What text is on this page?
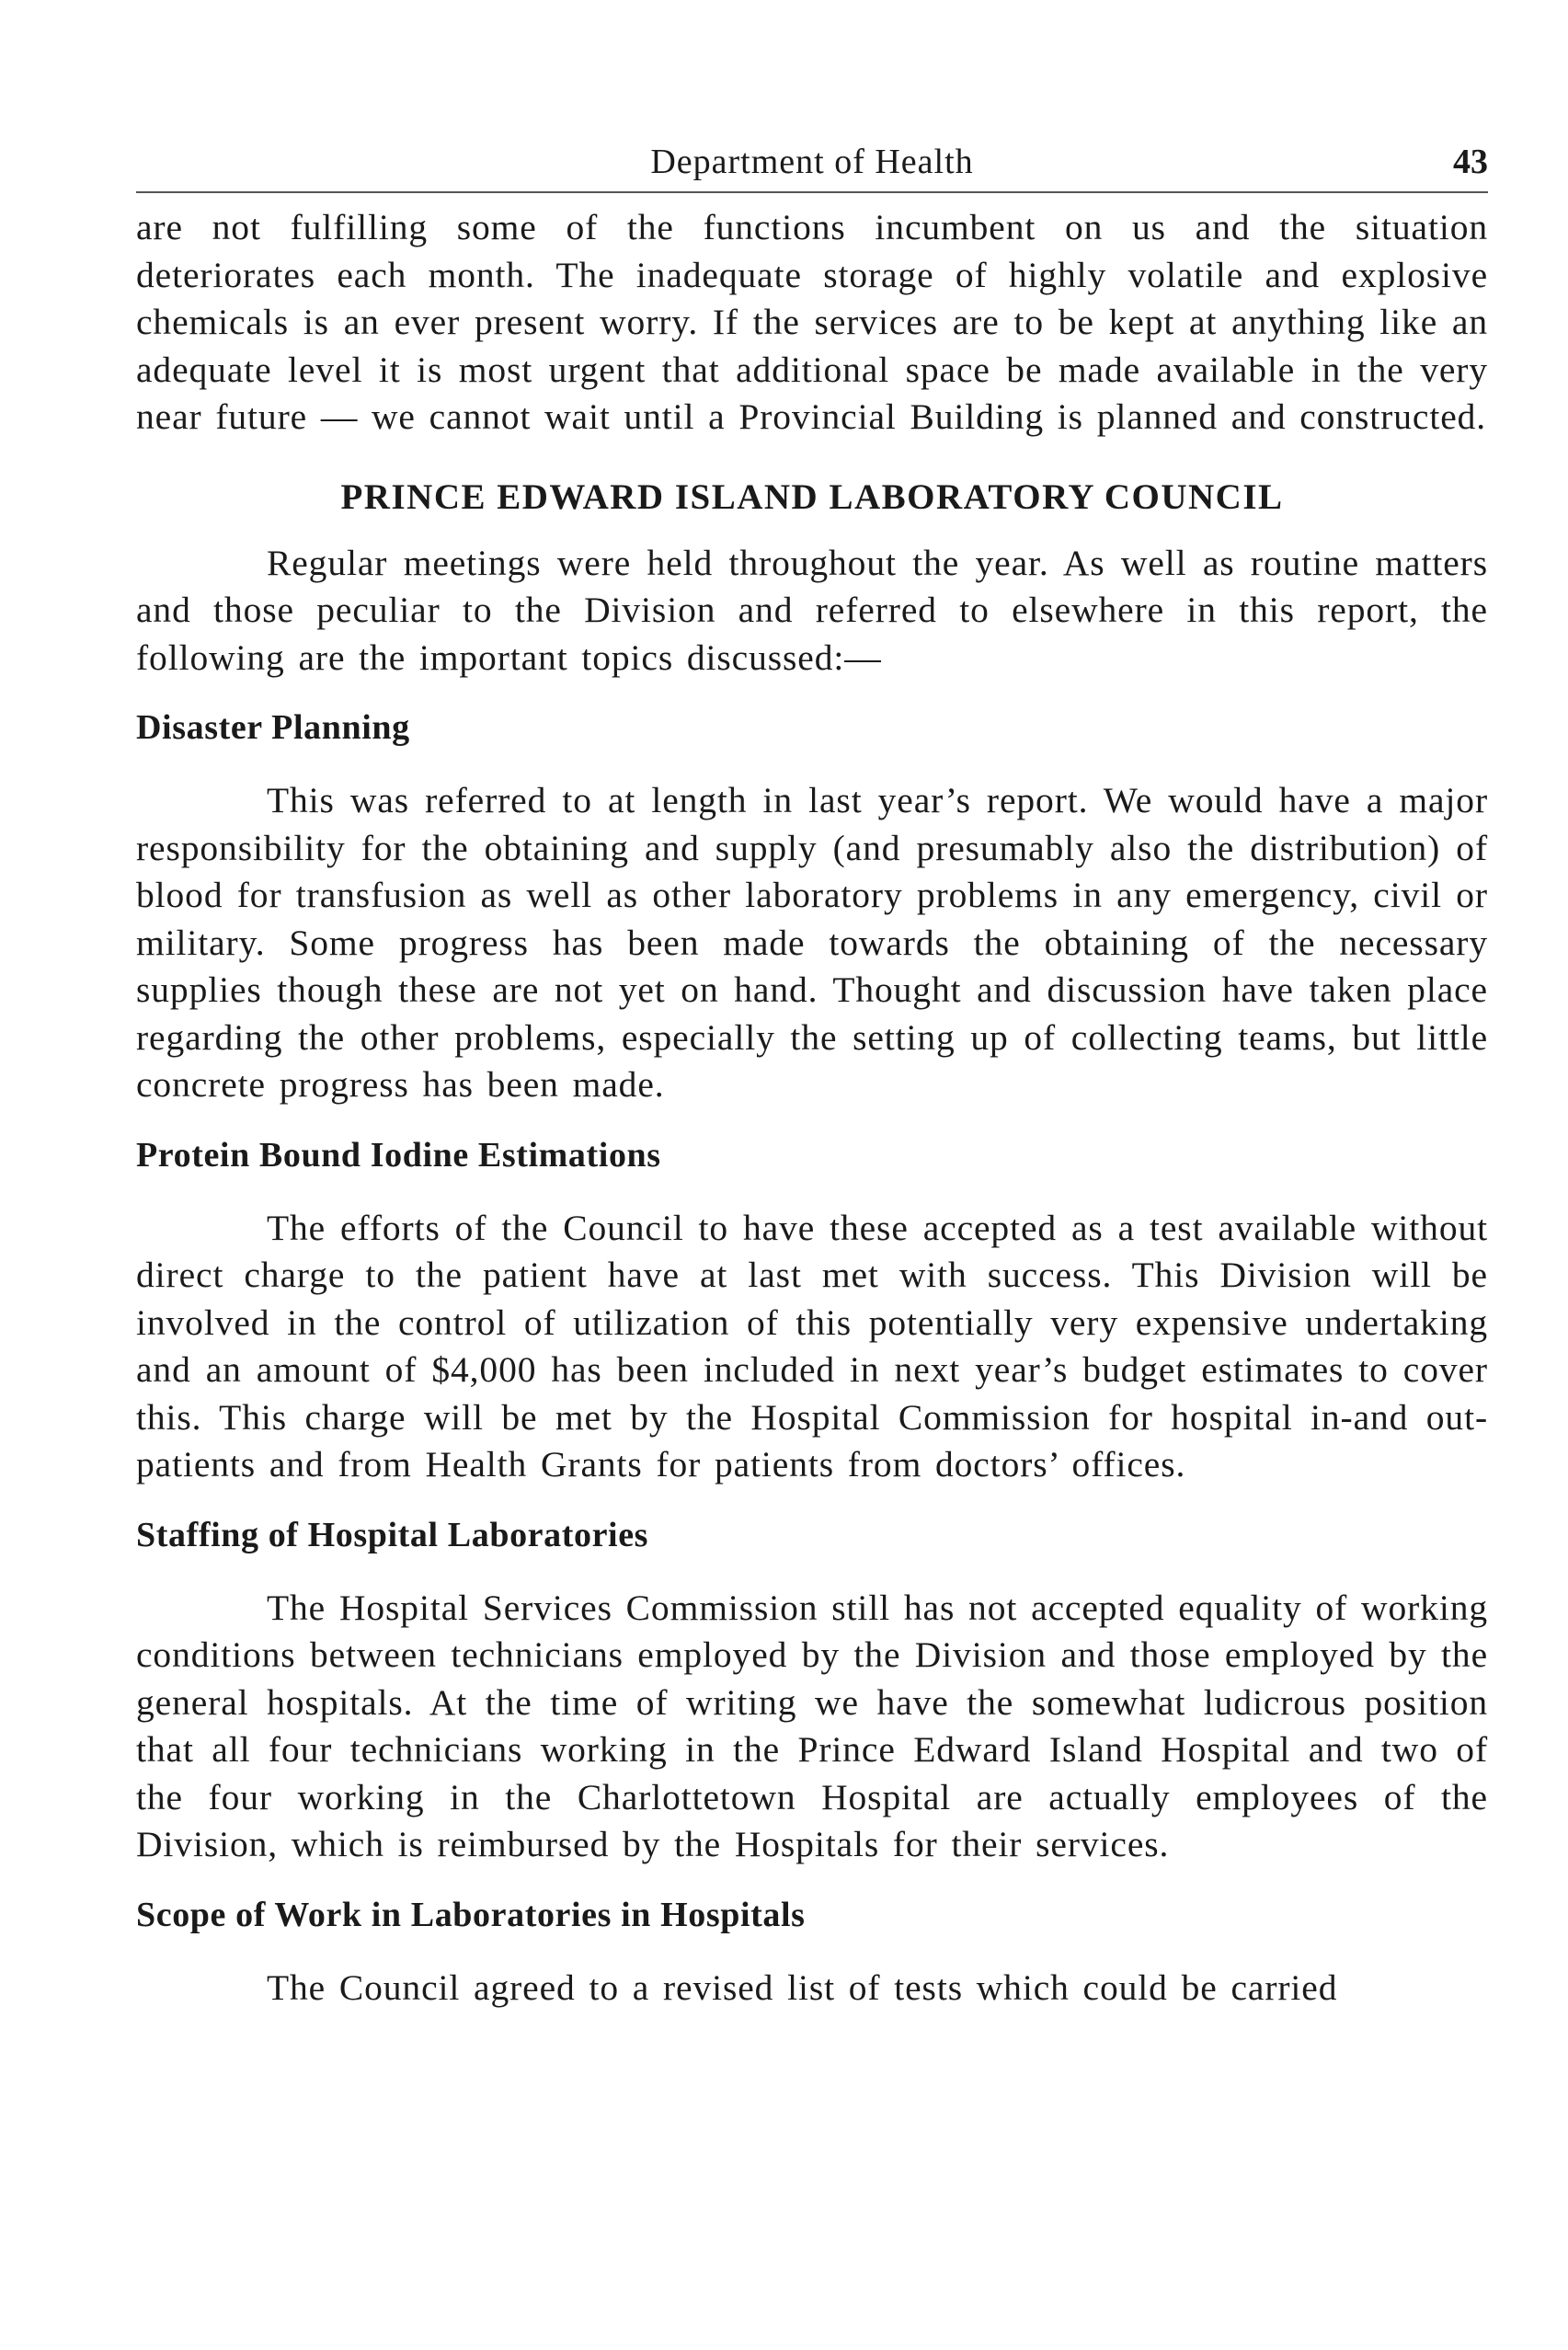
Department of Health	43

are not fulfilling some of the functions incumbent on us and the situation deteriorates each month. The inadequate storage of highly volatile and explosive chemicals is an ever present worry. If the services are to be kept at anything like an adequate level it is most urgent that additional space be made available in the very near future — we cannot wait until a Provincial Building is planned and constructed.

PRINCE EDWARD ISLAND LABORATORY COUNCIL

Regular meetings were held throughout the year. As well as routine matters and those peculiar to the Division and referred to elsewhere in this report, the following are the important topics discussed:—

Disaster Planning

This was referred to at length in last year’s report. We would have a major responsibility for the obtaining and supply (and presumably also the distribution) of blood for transfusion as well as other laboratory problems in any emergency, civil or military. Some progress has been made towards the obtaining of the necessary supplies though these are not yet on hand. Thought and discussion have taken place regarding the other problems, especially the setting up of collecting teams, but little concrete progress has been made.

Protein Bound Iodine Estimations

The efforts of the Council to have these accepted as a test available without direct charge to the patient have at last met with success. This Division will be involved in the control of utilization of this potentially very expensive undertaking and an amount of $4,000 has been included in next year’s budget estimates to cover this. This charge will be met by the Hospital Commission for hospital in-and out-patients and from Health Grants for patients from doctors’ offices.

Staffing of Hospital Laboratories

The Hospital Services Commission still has not accepted equality of working conditions between technicians employed by the Division and those employed by the general hospitals. At the time of writing we have the somewhat ludicrous position that all four technicians working in the Prince Edward Island Hospital and two of the four working in the Charlottetown Hospital are actually employees of the Division, which is reimbursed by the Hospitals for their services.

Scope of Work in Laboratories in Hospitals

The Council agreed to a revised list of tests which could be carried
